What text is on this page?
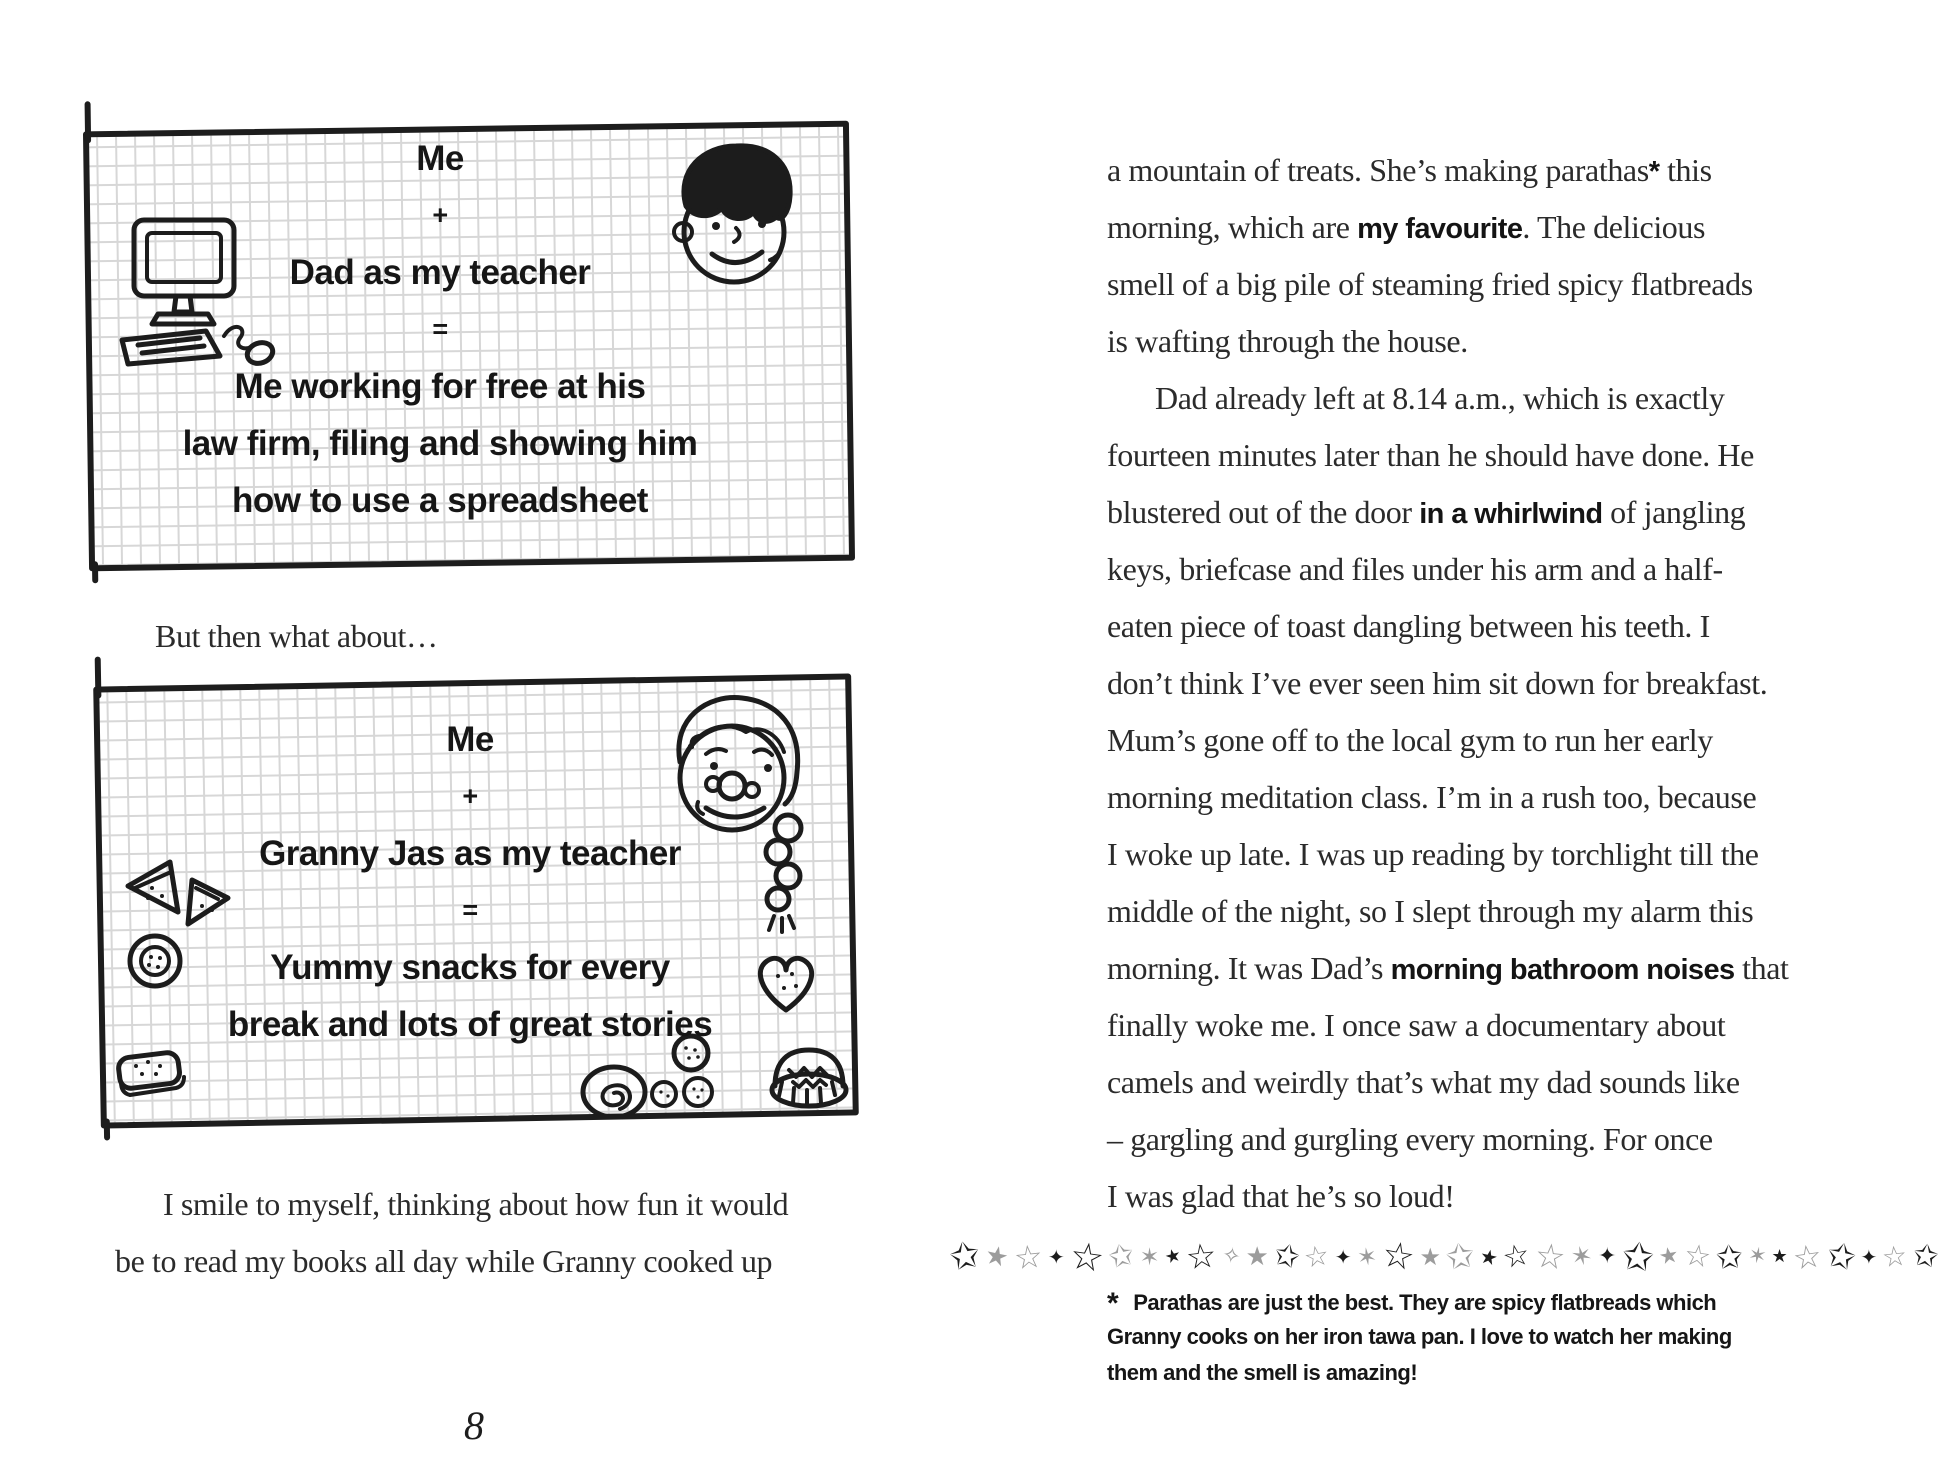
Me
+
Dad as my teacher
=
Me working for free at his
law firm, filing and showing him
how to use a spreadsheet
But then what about…
Me
+
Granny Jas as my teacher
=
Yummy snacks for every
break and lots of great stories
I smile to myself, thinking about how fun it would
be to read my books all day while Granny cooked up
8
a mountain of treats. She’s making parathas* this
morning, which are my favourite. The delicious
smell of a big pile of steaming fried spicy flatbreads
is wafting through the house.
Dad already left at 8.14 a.m., which is exactly
fourteen minutes later than he should have done. He
blustered out of the door in a whirlwind of jangling
keys, briefcase and files under his arm and a half-
eaten piece of toast dangling between his teeth. I
don’t think I’ve ever seen him sit down for breakfast.
Mum’s gone off to the local gym to run her early
morning meditation class. I’m in a rush too, because
I woke up late. I was up reading by torchlight till the
middle of the night, so I slept through my alarm this
morning. It was Dad’s morning bathroom noises that
finally woke me. I once saw a documentary about
camels and weirdly that’s what my dad sounds like
– gargling and gurgling every morning. For once
I was glad that he’s so loud!
✩ ★ ☆ ✦ ☆
✩ ✶ ★ ☆ ✧ ★ ✩
☆ ✦ ✶ ☆ ★ ✩ ★ ☆ ☆ ✶ ✦ ✩ ★ ☆ ✩ ✶ ★ ☆
✩ ✦ ☆ ✩
* Parathas are just the best. They are spicy flatbreads which
Granny cooks on her iron tawa pan. I love to watch her making
them and the smell is amazing!
